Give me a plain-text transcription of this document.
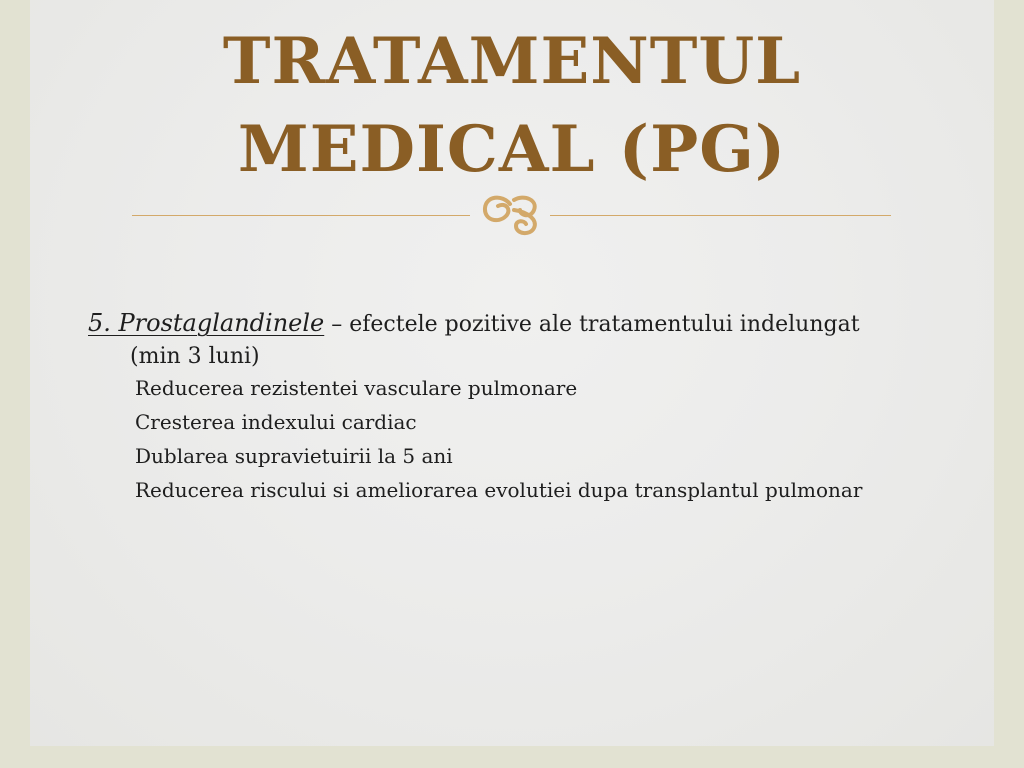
TRATAMENTUL
MEDICAL (PG)

5. Prostaglandinele – efectele pozitive ale tratamentului indelungat (min 3 luni)

Reducerea rezistentei vasculare pulmonare
Cresterea indexului cardiac
Dublarea supravietuirii la 5 ani
Reducerea riscului si ameliorarea evolutiei dupa transplantul pulmonar
